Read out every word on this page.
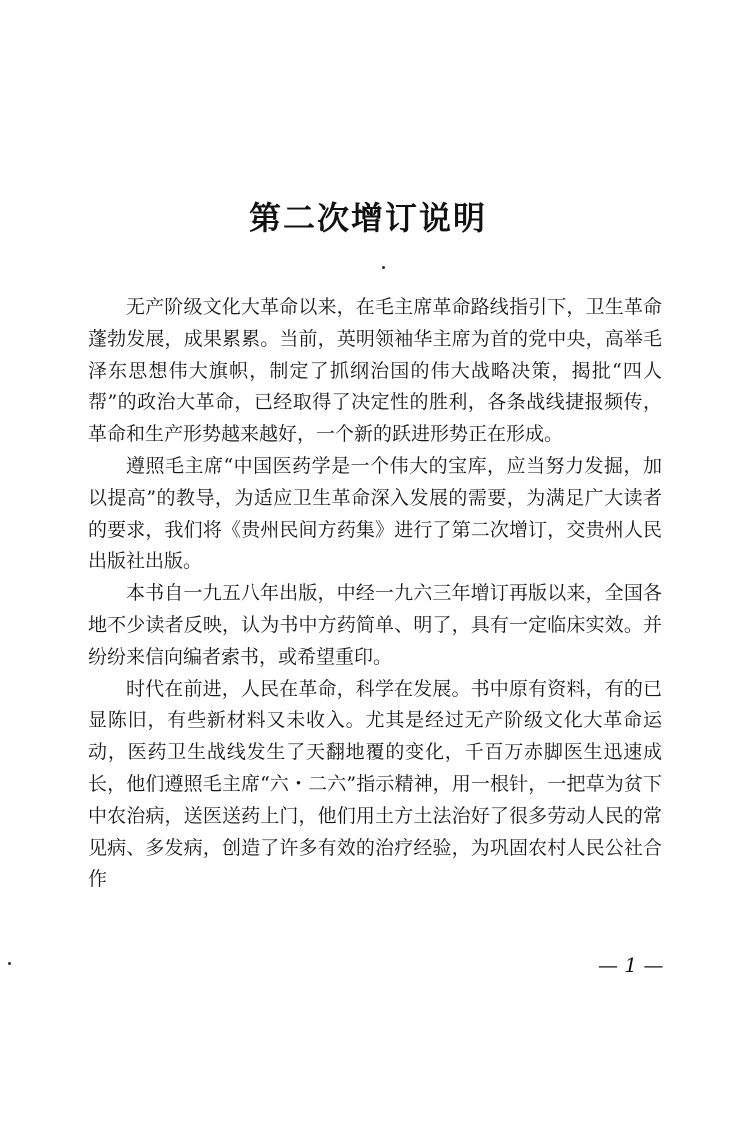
第二次增订说明

无产阶级文化大革命以来，在毛主席革命路线指引下，卫生革命蓬勃发展，成果累累。当前，英明领袖华主席为首的党中央，高举毛泽东思想伟大旗帜，制定了抓纲治国的伟大战略决策，揭批“四人帮”的政治大革命，已经取得了决定性的胜利，各条战线捷报频传，革命和生产形势越来越好，一个新的跃进形势正在形成。

遵照毛主席“中国医药学是一个伟大的宝库，应当努力发掘，加以提高”的教导，为适应卫生革命深入发展的需要，为满足广大读者的要求，我们将《贵州民间方药集》进行了第二次增订，交贵州人民出版社出版。

本书自一九五八年出版，中经一九六三年增订再版以来，全国各地不少读者反映，认为书中方药简单、明了，具有一定临床实效。并纷纷来信向编者索书，或希望重印。

时代在前进，人民在革命，科学在发展。书中原有资料，有的已显陈旧，有些新材料又未收入。尤其是经过无产阶级文化大革命运动，医药卫生战线发生了天翻地覆的变化，千百万赤脚医生迅速成长，他们遵照毛主席“六・二六”指示精神，用一根针，一把草为贫下中农治病，送医送药上门，他们用土方土法治好了很多劳动人民的常见病、多发病，创造了许多有效的治疗经验，为巩固农村人民公社合作

— 1 —
